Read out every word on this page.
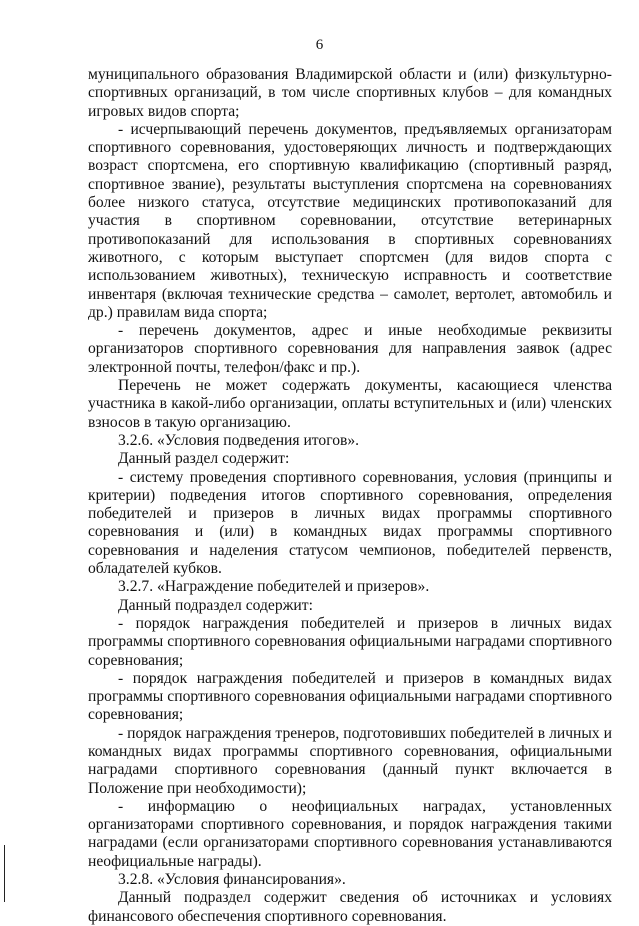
6

муниципального образования Владимирской области и (или) физкультурно-спортивных организаций, в том числе спортивных клубов – для командных игровых видов спорта;

- исчерпывающий перечень документов, предъявляемых организаторам спортивного соревнования, удостоверяющих личность и подтверждающих возраст спортсмена, его спортивную квалификацию (спортивный разряд, спортивное звание), результаты выступления спортсмена на соревнованиях более низкого статуса, отсутствие медицинских противопоказаний для участия в спортивном соревновании, отсутствие ветеринарных противопоказаний для использования в спортивных соревнованиях животного, с которым выступает спортсмен (для видов спорта с использованием животных), техническую исправность и соответствие инвентаря (включая технические средства – самолет, вертолет, автомобиль и др.) правилам вида спорта;

- перечень документов, адрес и иные необходимые реквизиты организаторов спортивного соревнования для направления заявок (адрес электронной почты, телефон/факс и пр.).

Перечень не может содержать документы, касающиеся членства участника в какой-либо организации, оплаты вступительных и (или) членских взносов в такую организацию.

3.2.6. «Условия подведения итогов».

Данный раздел содержит:

- систему проведения спортивного соревнования, условия (принципы и критерии) подведения итогов спортивного соревнования, определения победителей и призеров в личных видах программы спортивного соревнования и (или) в командных видах программы спортивного соревнования и наделения статусом чемпионов, победителей первенств, обладателей кубков.

3.2.7. «Награждение победителей и призеров».

Данный подраздел содержит:

- порядок награждения победителей и призеров в личных видах программы спортивного соревнования официальными наградами спортивного соревнования;

- порядок награждения победителей и призеров в командных видах программы спортивного соревнования официальными наградами спортивного соревнования;

- порядок награждения тренеров, подготовивших победителей в личных и командных видах программы спортивного соревнования, официальными наградами спортивного соревнования (данный пункт включается в Положение при необходимости);

- информацию о неофициальных наградах, установленных организаторами спортивного соревнования, и порядок награждения такими наградами (если организаторами спортивного соревнования устанавливаются неофициальные награды).

3.2.8. «Условия финансирования».

Данный подраздел содержит сведения об источниках и условиях финансового обеспечения спортивного соревнования.
